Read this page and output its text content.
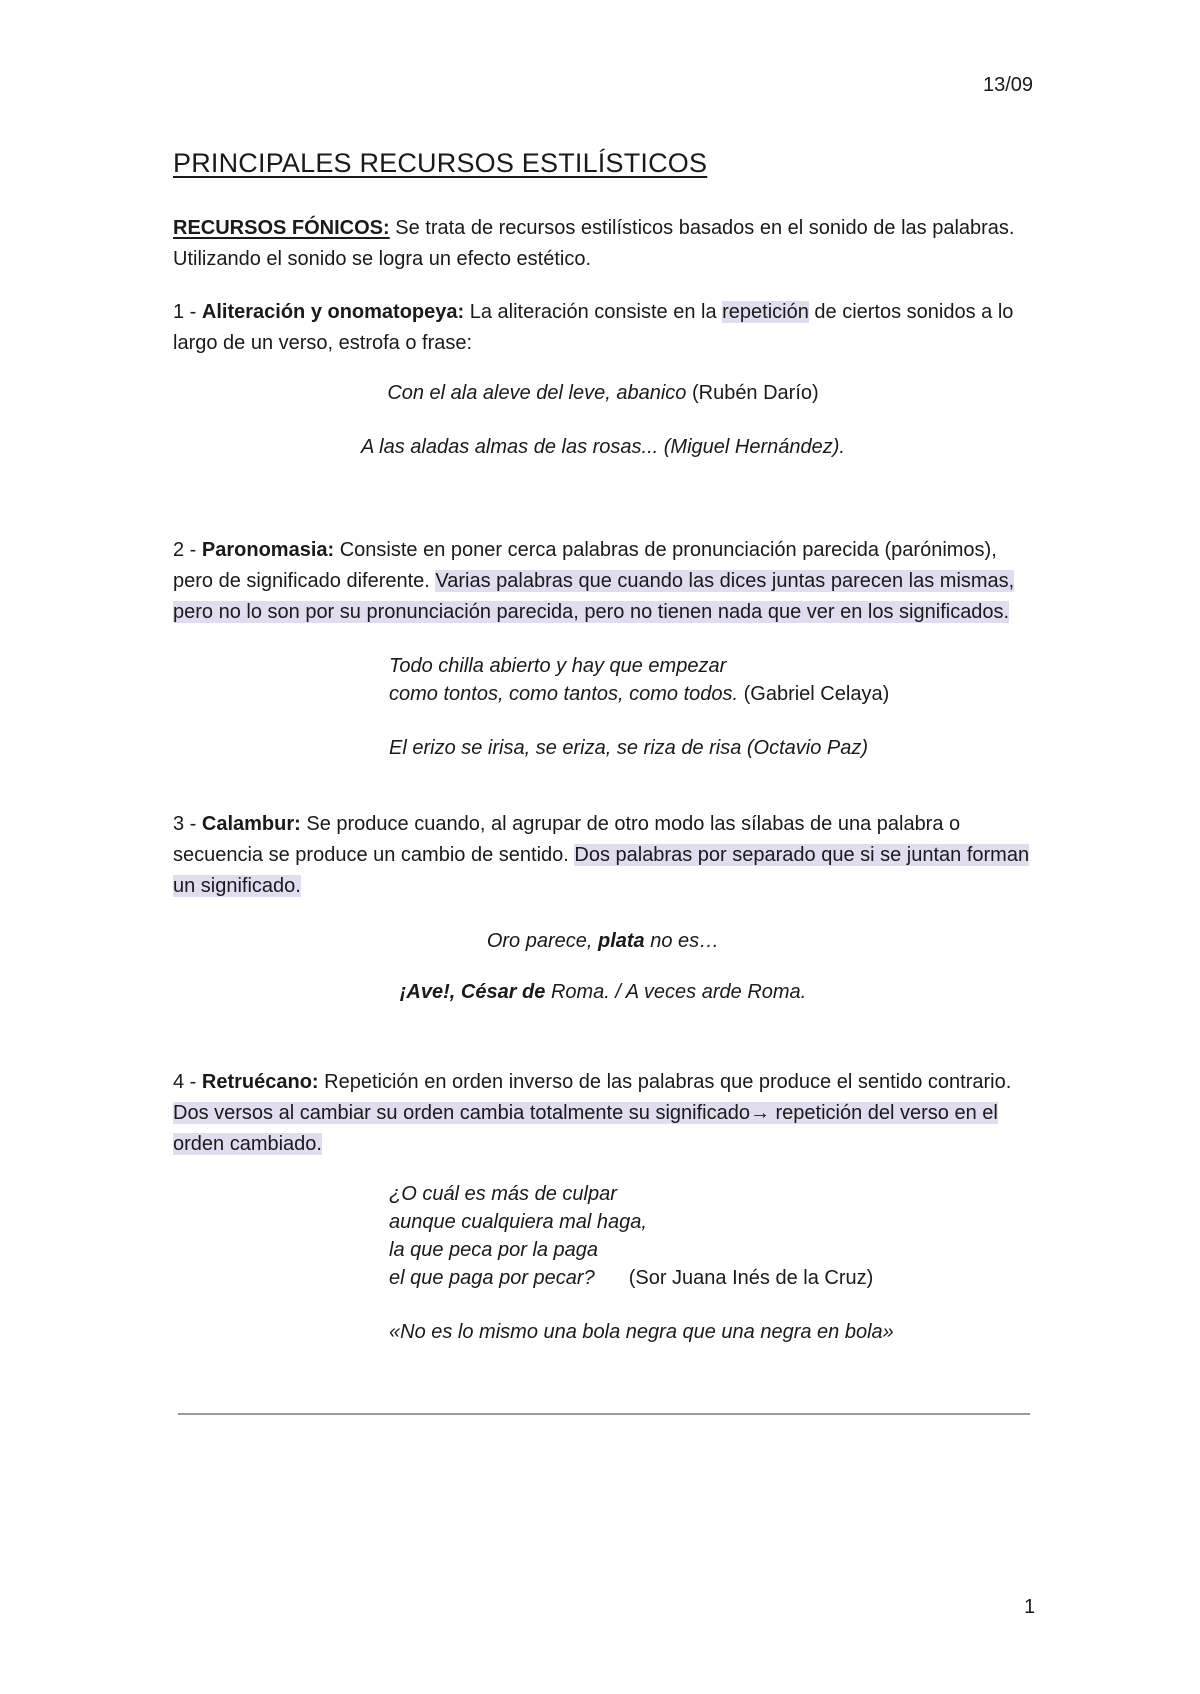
13/09
PRINCIPALES RECURSOS ESTILÍSTICOS
RECURSOS FÓNICOS: Se trata de recursos estilísticos basados en el sonido de las palabras. Utilizando el sonido se logra un efecto estético.
1 - Aliteración y onomatopeya: La aliteración consiste en la repetición de ciertos sonidos a lo largo de un verso, estrofa o frase:
Con el ala aleve del leve, abanico (Rubén Darío)
A las aladas almas de las rosas... (Miguel Hernández).
2 - Paronomasia: Consiste en poner cerca palabras de pronunciación parecida (parónimos), pero de significado diferente. Varias palabras que cuando las dices juntas parecen las mismas, pero no lo son por su pronunciación parecida, pero no tienen nada que ver en los significados.
Todo chilla abierto y hay que empezar
como tontos, como tantos, como todos. (Gabriel Celaya)
El erizo se irisa, se eriza, se riza de risa (Octavio Paz)
3 - Calambur: Se produce cuando, al agrupar de otro modo las sílabas de una palabra o secuencia se produce un cambio de sentido. Dos palabras por separado que si se juntan forman un significado.
Oro parece, plata no es…
¡Ave!, César de Roma. / A veces arde Roma.
4 - Retruécano: Repetición en orden inverso de las palabras que produce el sentido contrario. Dos versos al cambiar su orden cambia totalmente su significado→ repetición del verso en el orden cambiado.
¿O cuál es más de culpar
aunque cualquiera mal haga,
la que peca por la paga
el que paga por pecar? (Sor Juana Inés de la Cruz)
«No es lo mismo una bola negra que una negra en bola»
1
